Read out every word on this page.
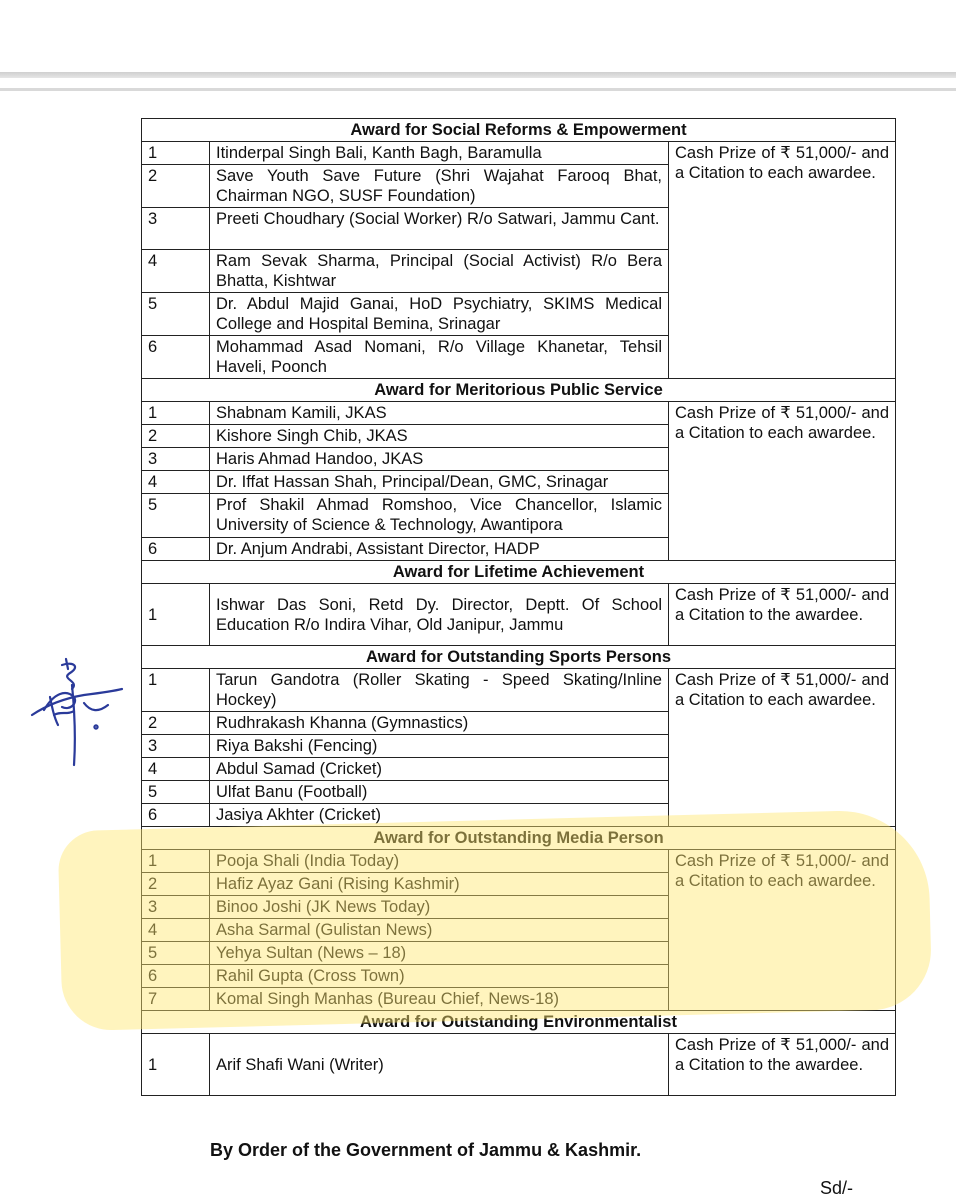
Award for Social Reforms & Empowerment		
1	Itinderpal Singh Bali, Kanth Bagh, Baramulla	Cash Prize of ₹ 51,000/- and a Citation to each awardee.
2	Save Youth Save Future (Shri Wajahat Farooq Bhat, Chairman NGO, SUSF Foundation)	
3	Preeti Choudhary (Social Worker) R/o Satwari, Jammu Cant.	
4	Ram Sevak Sharma, Principal (Social Activist) R/o Bera Bhatta, Kishtwar	
5	Dr. Abdul Majid Ganai, HoD Psychiatry, SKIMS Medical College and Hospital Bemina, Srinagar	
6	Mohammad Asad Nomani, R/o Village Khanetar, Tehsil Haveli, Poonch	
Award for Meritorious Public Service		
1	Shabnam Kamili, JKAS	Cash Prize of ₹ 51,000/- and a Citation to each awardee.
2	Kishore Singh Chib, JKAS	
3	Haris Ahmad Handoo, JKAS	
4	Dr. Iffat Hassan Shah, Principal/Dean, GMC, Srinagar	
5	Prof Shakil Ahmad Romshoo, Vice Chancellor, Islamic University of Science & Technology, Awantipora	
6	Dr. Anjum Andrabi, Assistant Director, HADP	
Award for Lifetime Achievement		
1	Ishwar Das Soni, Retd Dy. Director, Deptt. Of School Education R/o Indira Vihar, Old Janipur, Jammu	Cash Prize of ₹ 51,000/- and a Citation to the awardee.
Award for Outstanding Sports Persons		
1	Tarun Gandotra (Roller Skating - Speed Skating/Inline Hockey)	Cash Prize of ₹ 51,000/- and a Citation to each awardee.
2	Rudhrakash Khanna (Gymnastics)	
3	Riya Bakshi (Fencing)	
4	Abdul Samad (Cricket)	
5	Ulfat Banu (Football)	
6	Jasiya Akhter (Cricket)	
Award for Outstanding Media Person		
1	Pooja Shali (India Today)	Cash Prize of ₹ 51,000/- and a Citation to each awardee.
2	Hafiz Ayaz Gani (Rising Kashmir)	
3	Binoo Joshi (JK News Today)	
4	Asha Sarmal (Gulistan News)	
5	Yehya Sultan (News – 18)	
6	Rahil Gupta (Cross Town)	
7	Komal Singh Manhas (Bureau Chief, News-18)	
Award for Outstanding Environmentalist		
1	Arif Shafi Wani (Writer)	Cash Prize of ₹ 51,000/- and a Citation to the awardee.
By Order of the Government of Jammu & Kashmir.
Sd/-
